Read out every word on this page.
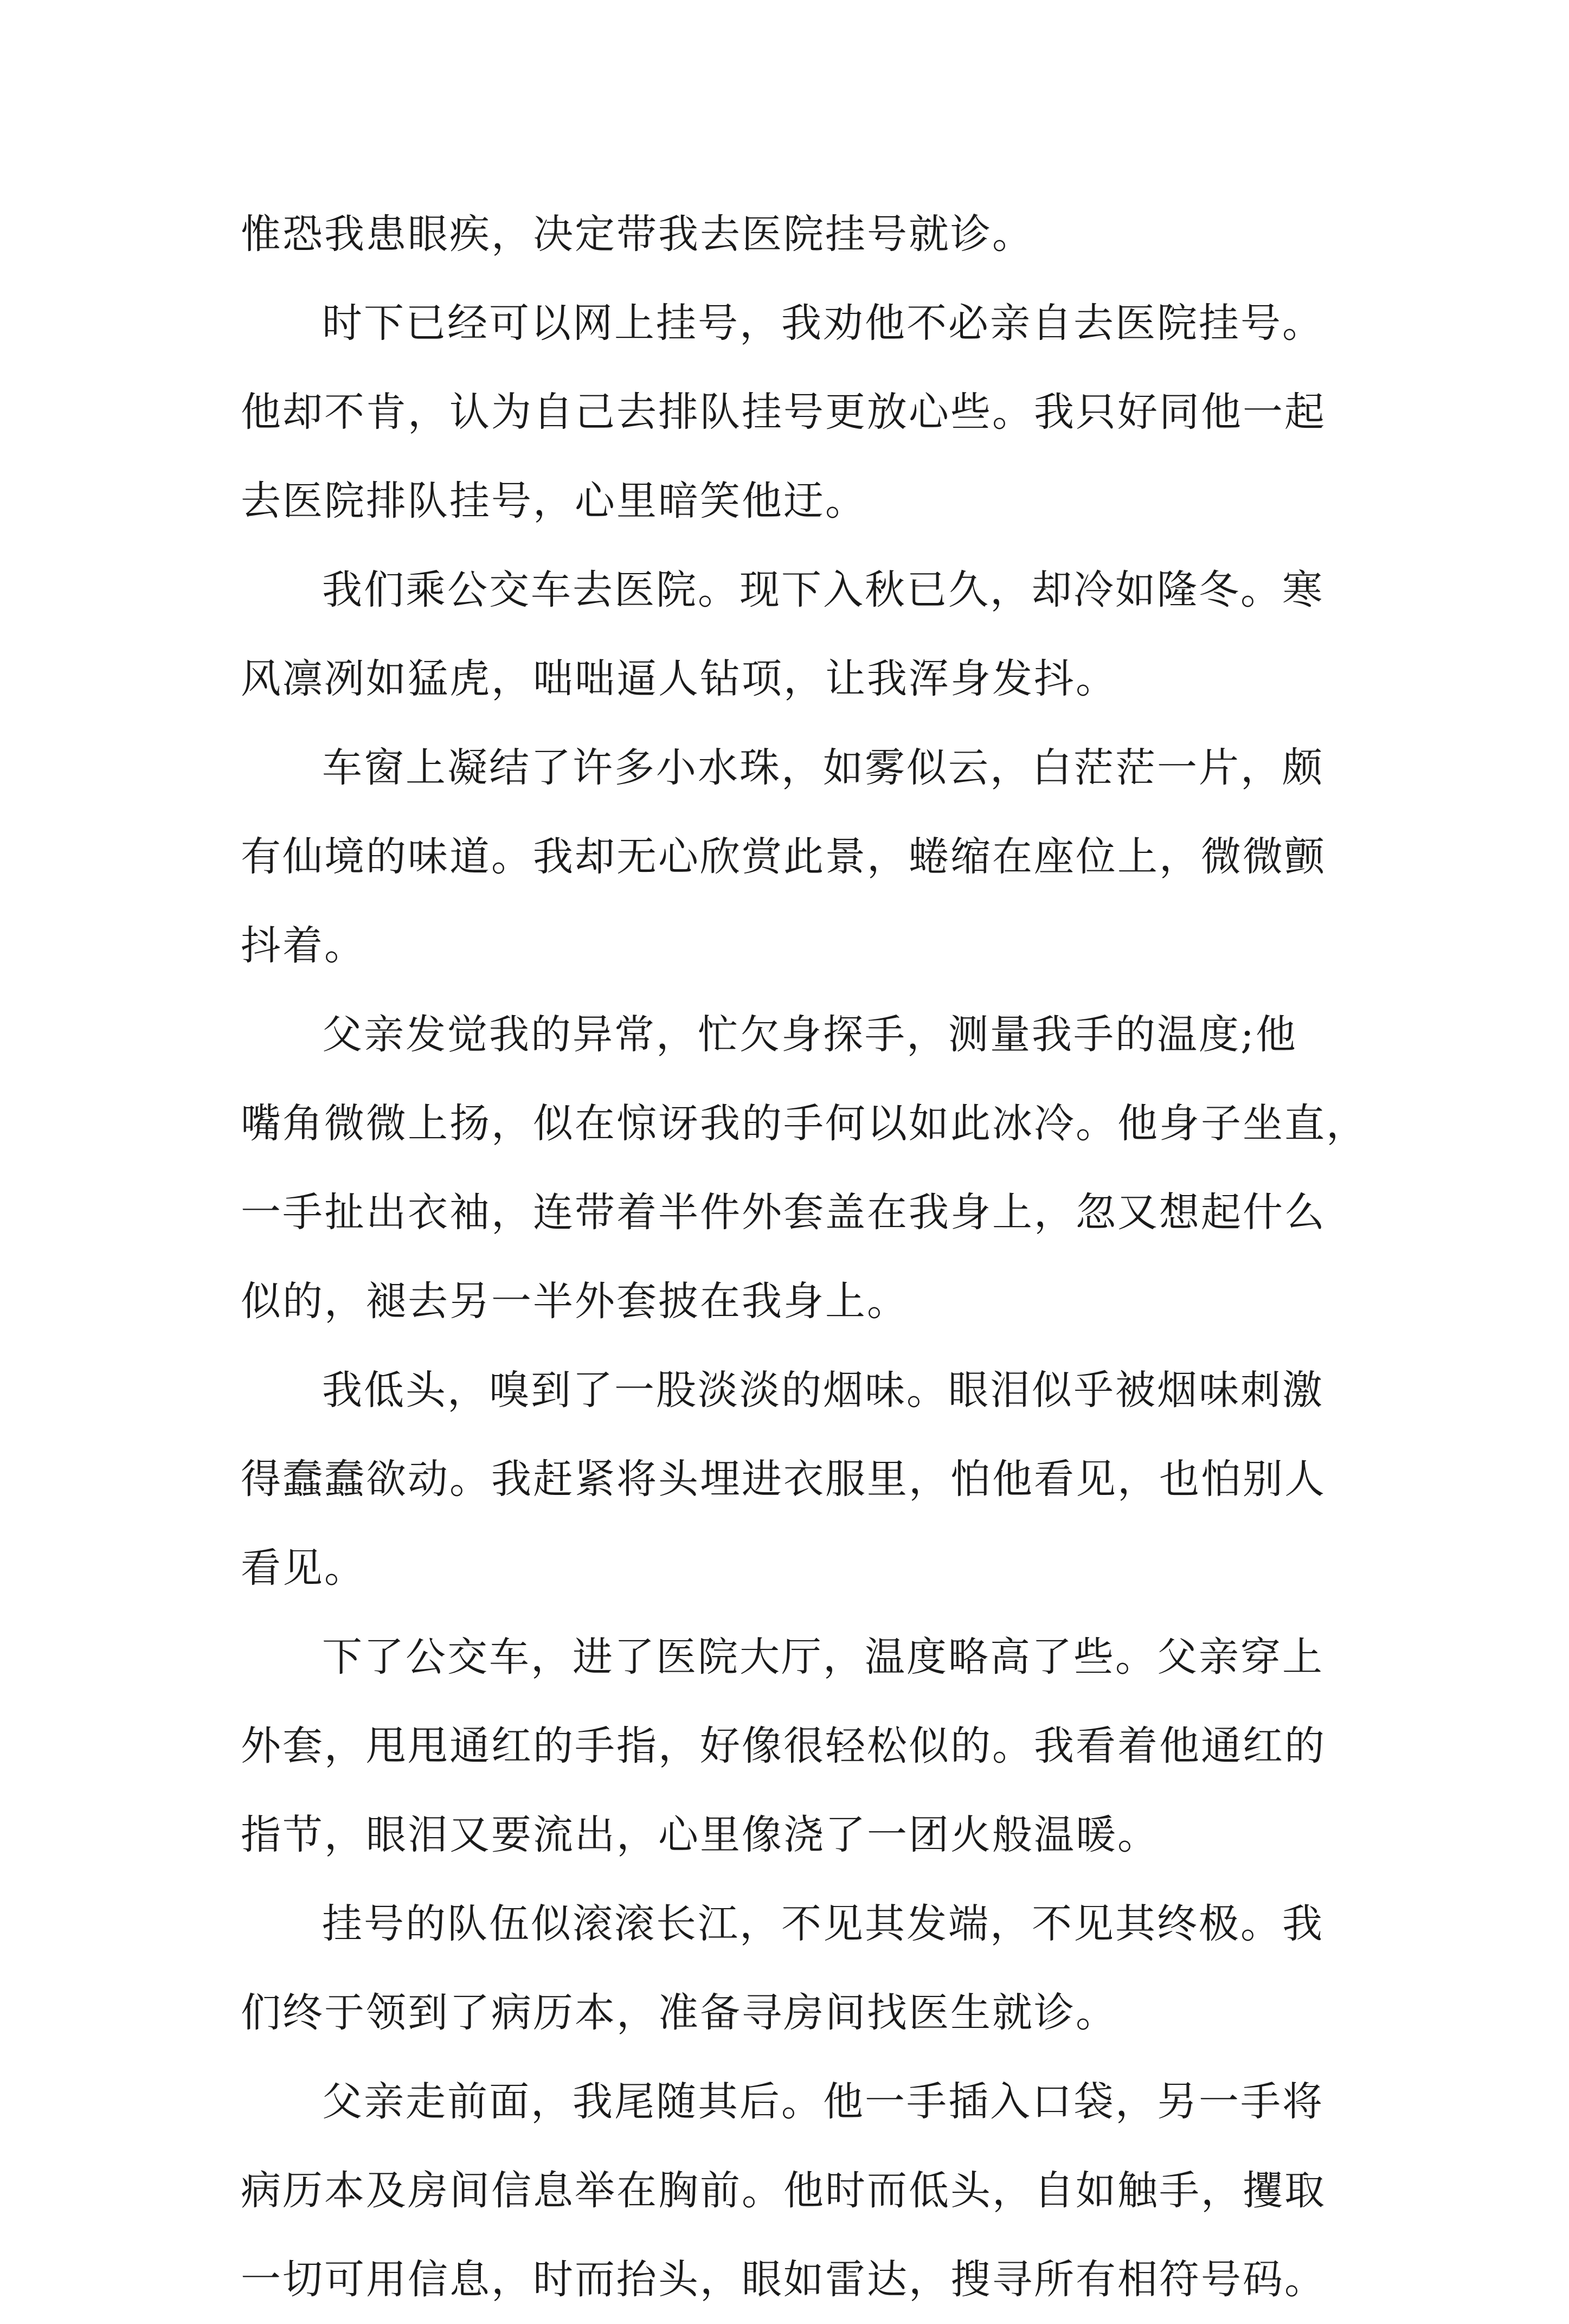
惟恐我患眼疾，决定带我去医院挂号就诊。
时下已经可以网上挂号，我劝他不必亲自去医院挂号。
他却不肯，认为自己去排队挂号更放心些。我只好同他一起
去医院排队挂号，心里暗笑他迂。
我们乘公交车去医院。现下入秋已久，却冷如隆冬。寒
风凛冽如猛虎，咄咄逼人钻项，让我浑身发抖。
车窗上凝结了许多小水珠，如雾似云，白茫茫一片，颇
有仙境的味道。我却无心欣赏此景，蜷缩在座位上，微微颤
抖着。
父亲发觉我的异常，忙欠身探手，测量我手的温度;他
嘴角微微上扬，似在惊讶我的手何以如此冰冷。他身子坐直，
一手扯出衣袖，连带着半件外套盖在我身上，忽又想起什么
似的，褪去另一半外套披在我身上。
我低头，嗅到了一股淡淡的烟味。眼泪似乎被烟味刺激
得蠢蠢欲动。我赶紧将头埋进衣服里，怕他看见，也怕别人
看见。
下了公交车，进了医院大厅，温度略高了些。父亲穿上
外套，甩甩通红的手指，好像很轻松似的。我看着他通红的
指节，眼泪又要流出，心里像浇了一团火般温暖。
挂号的队伍似滚滚长江，不见其发端，不见其终极。我
们终于领到了病历本，准备寻房间找医生就诊。
父亲走前面，我尾随其后。他一手插入口袋，另一手将
病历本及房间信息举在胸前。他时而低头，自如触手，攫取
一切可用信息，时而抬头，眼如雷达，搜寻所有相符号码。
